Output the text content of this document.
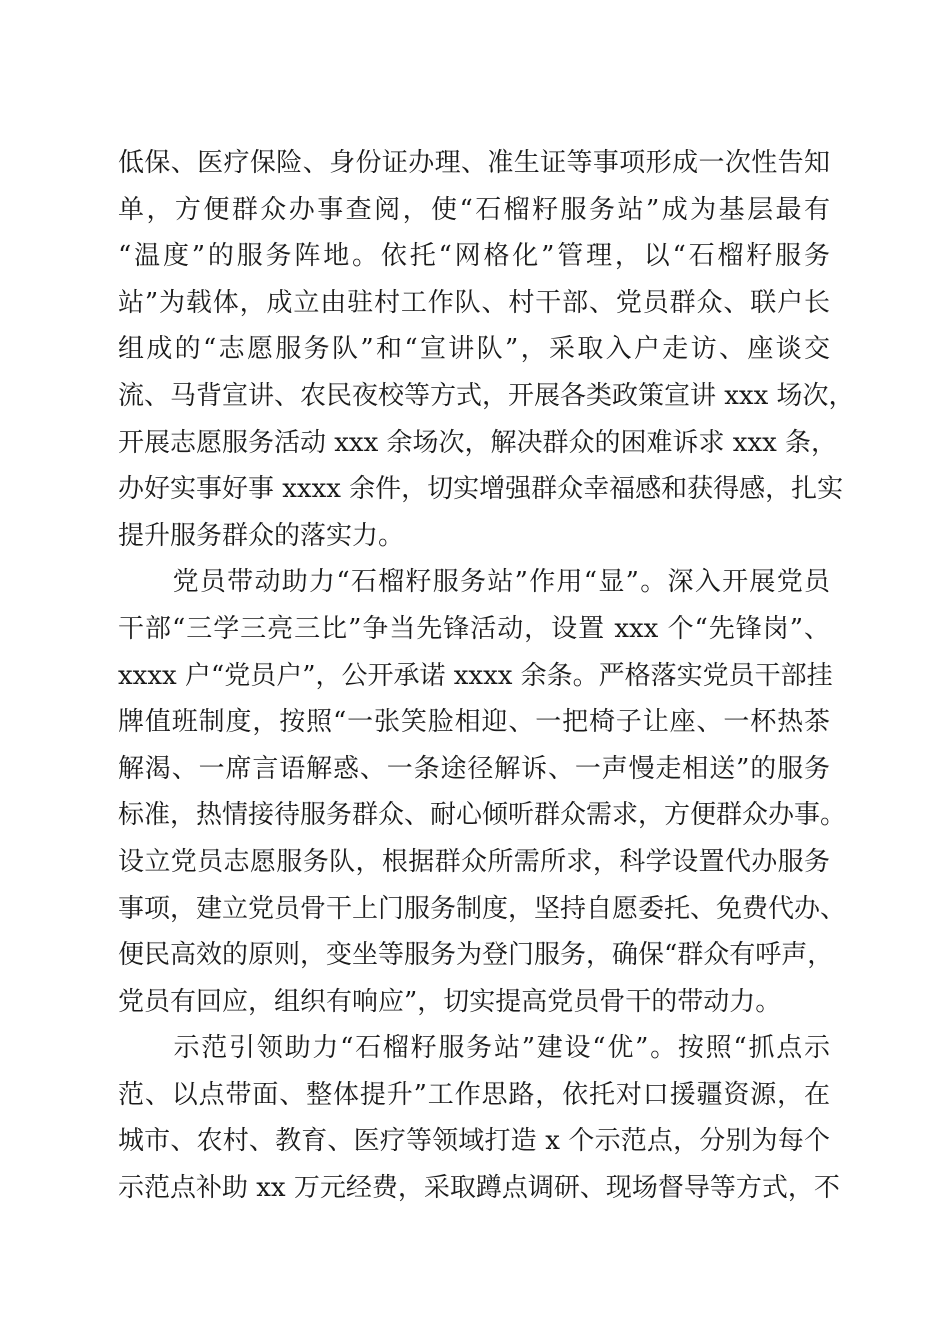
低保、医疗保险、身份证办理、准生证等事项形成一次性告知
单，方便群众办事查阅，使“石榴籽服务站”成为基层最有
“温度”的服务阵地。依托“网格化”管理，以“石榴籽服务
站”为载体，成立由驻村工作队、村干部、党员群众、联户长
组成的“志愿服务队”和“宣讲队”，采取入户走访、座谈交
流、马背宣讲、农民夜校等方式，开展各类政策宣讲 xxx 场次，
开展志愿服务活动 xxx 余场次，解决群众的困难诉求 xxx 条，
办好实事好事 xxxx 余件，切实增强群众幸福感和获得感，扎实
提升服务群众的落实力。
　　党员带动助力“石榴籽服务站”作用“显”。深入开展党员
干部“三学三亮三比”争当先锋活动，设置 xxx 个“先锋岗”、
xxxx 户“党员户”，公开承诺 xxxx 余条。严格落实党员干部挂
牌值班制度，按照“一张笑脸相迎、一把椅子让座、一杯热茶
解渴、一席言语解惑、一条途径解诉、一声慢走相送”的服务
标准，热情接待服务群众、耐心倾听群众需求，方便群众办事。
设立党员志愿服务队，根据群众所需所求，科学设置代办服务
事项，建立党员骨干上门服务制度，坚持自愿委托、免费代办、
便民高效的原则，变坐等服务为登门服务，确保“群众有呼声，
党员有回应，组织有响应”，切实提高党员骨干的带动力。
　　示范引领助力“石榴籽服务站”建设“优”。按照“抓点示
范、以点带面、整体提升”工作思路，依托对口援疆资源，在
城市、农村、教育、医疗等领域打造 x 个示范点，分别为每个
示范点补助 xx 万元经费，采取蹲点调研、现场督导等方式，不
